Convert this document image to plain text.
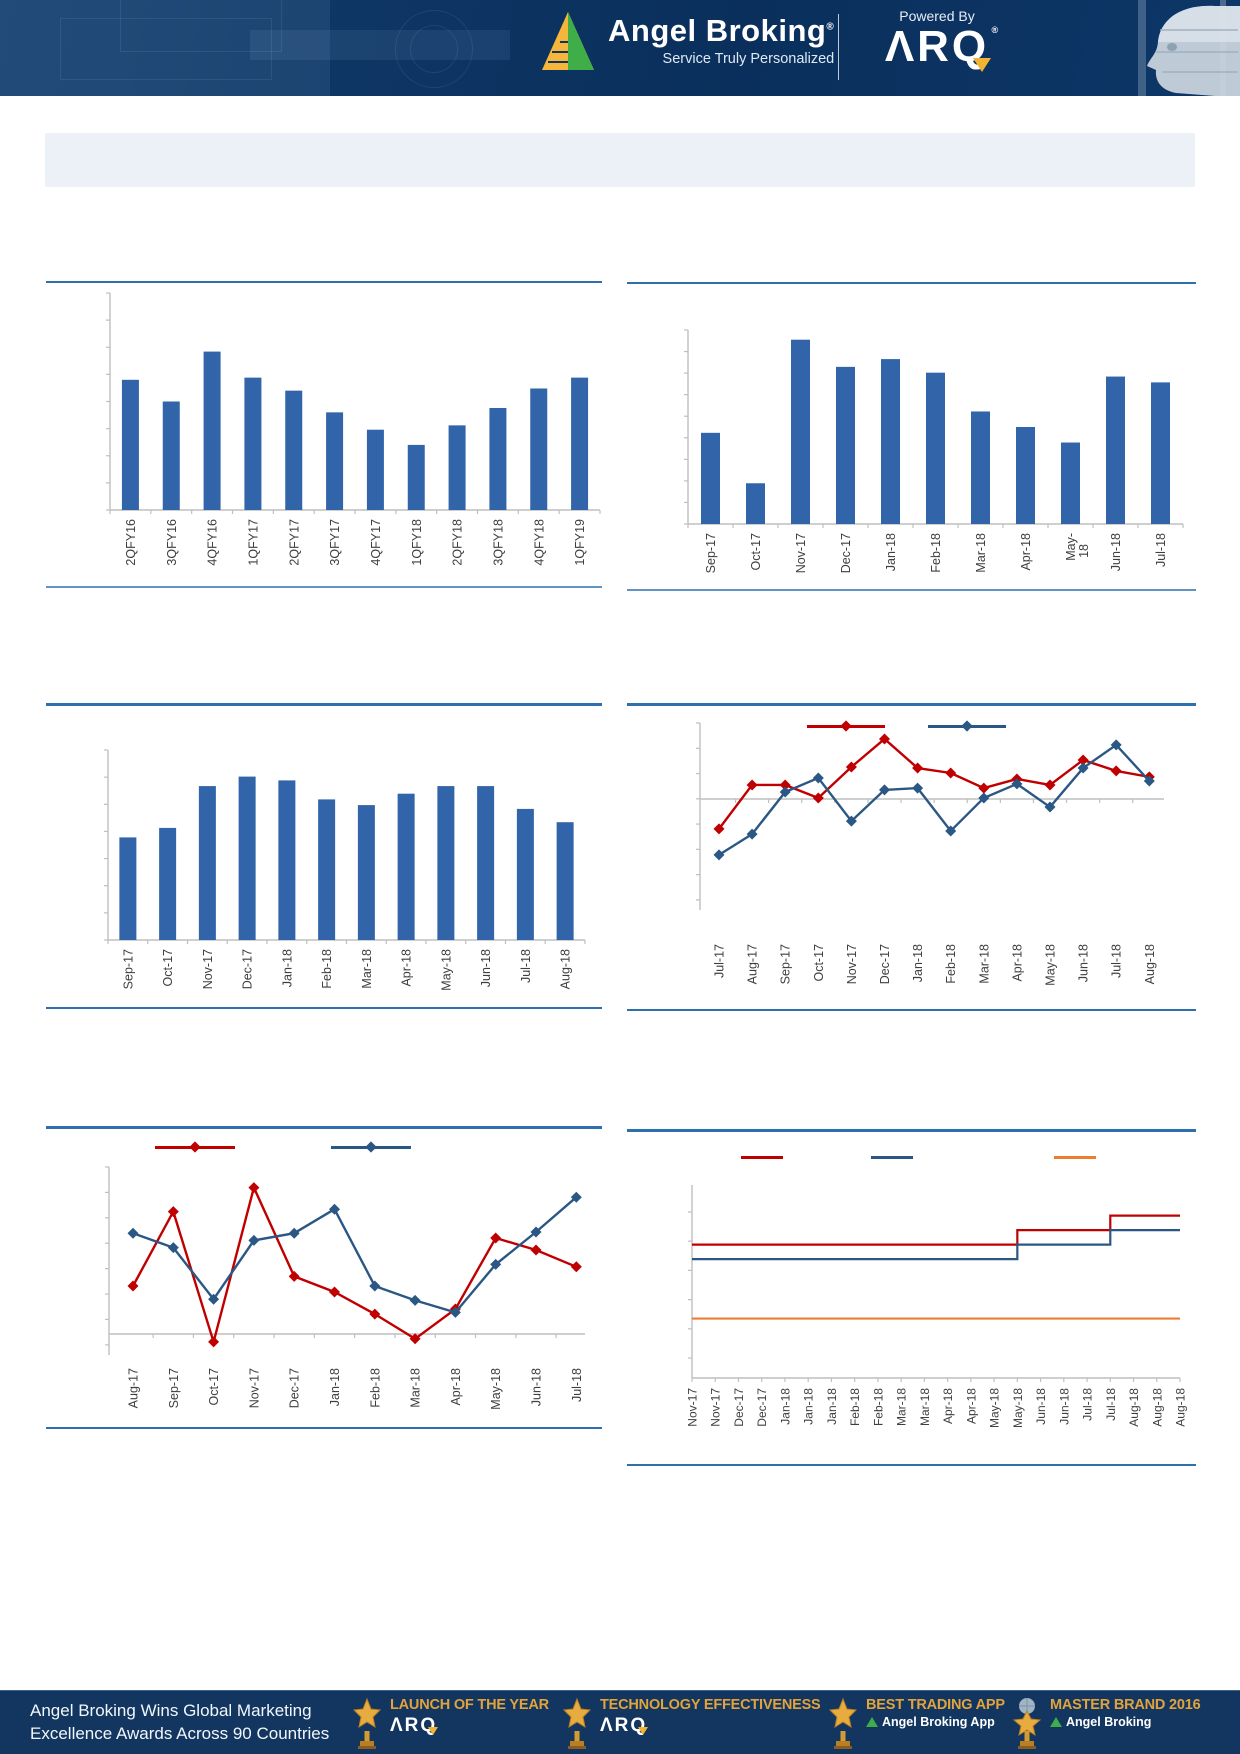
Angel Broking®
Service Truly Personalized
Powered By
ΛRQ ®
2QFY16 3QFY16 4QFY16 1QFY17 2QFY17 3QFY17 4QFY17 1QFY18 2QFY18 3QFY18 4QFY18 1QFY19	Sep-17 Oct-17 Nov-17 Dec-17 Jan-18 Feb-18 Mar-18 Apr-18 May- 18 Jun-18 Jul-18
Sep-17 Oct-17 Nov-17 Dec-17 Jan-18 Feb-18 Mar-18 Apr-18 May-18 Jun-18 Jul-18 Aug-18	Jul-17 Aug-17 Sep-17 Oct-17 Nov-17 Dec-17 Jan-18 Feb-18 Mar-18 Apr-18 May-18 Jun-18 Jul-18 Aug-18
Aug-17 Sep-17 Oct-17 Nov-17 Dec-17 Jan-18 Feb-18 Mar-18 Apr-18 May-18 Jun-18 Jul-18
Nov-17 Nov-17 Dec-17 Dec-17 Jan-18 Jan-18 Jan-18 Feb-18 Feb-18 Mar-18 Mar-18 Apr-18 Apr-18 May-18 May-18 Jun-18 Jun-18 Jul-18 Jul-18 Aug-18 Aug-18 Aug-18
Angel Broking Wins Global Marketing
Excellence Awards Across 90 Countries
LAUNCH OF THE YEAR
ΛRQ
TECHNOLOGY EFFECTIVENESS
ΛRQ
BEST TRADING APP
Angel Broking App
MASTER BRAND 2016
Angel Broking
